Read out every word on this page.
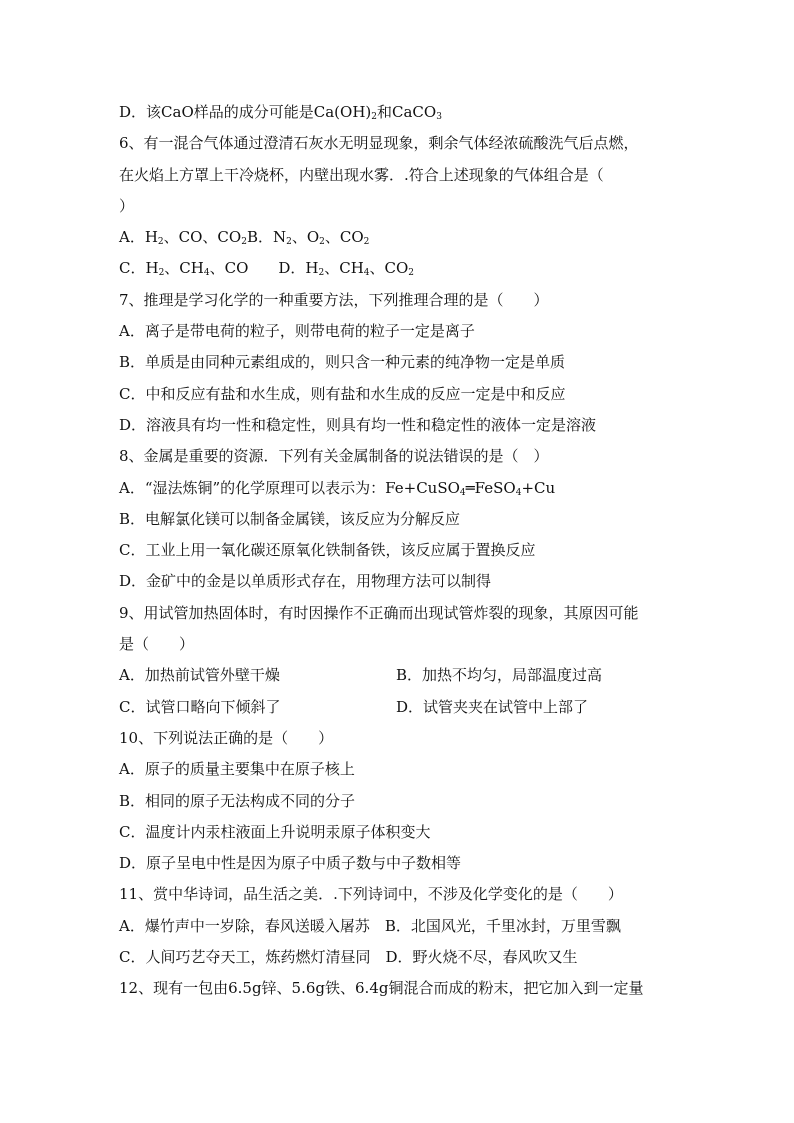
D．该CaO样品的成分可能是$Ca(OH)_2$和CaCO$_3$
6、有一混合气体通过澄清石灰水无明显现象，剩余气体经浓硫酸洗气后点燃，
在火焰上方罩上干冷烧杯，内壁出现水雾．.符合上述现象的气体组合是（
）
A．$H_2$、CO、$CO_2B$．$N_2$、$O_2$、$CO_2$
C．$H_2$、$CH_4$、CO　　D．$H_2$、$CH_4$、$CO_2$
7、推理是学习化学的一种重要方法，下列推理合理的是（　　）
A．离子是带电荷的粒子，则带电荷的粒子一定是离子
B．单质是由同种元素组成的，则只含一种元素的纯净物一定是单质
C．中和反应有盐和水生成，则有盐和水生成的反应一定是中和反应
D．溶液具有均一性和稳定性，则具有均一性和稳定性的液体一定是溶液
8、金属是重要的资源．下列有关金属制备的说法错误的是（　）
A．“湿法炼铜”的化学原理可以表示为：Fe+CuSO$_4$═FeSO$_4$+Cu
B．电解氯化镁可以制备金属镁，该反应为分解反应
C．工业上用一氧化碳还原氧化铁制备铁，该反应属于置换反应
D．金矿中的金是以单质形式存在，用物理方法可以制得
9、用试管加热固体时，有时因操作不正确而出现试管炸裂的现象，其原因可能
是（　　）
A．加热前试管外壁干燥	B．加热不均匀，局部温度过高
C．试管口略向下倾斜了	D．试管夹夹在试管中上部了
10、下列说法正确的是（　　）
A．原子的质量主要集中在原子核上
B．相同的原子无法构成不同的分子
C．温度计内汞柱液面上升说明汞原子体积变大
D．原子呈电中性是因为原子中质子数与中子数相等
11、赏中华诗词，品生活之美．.下列诗词中，不涉及化学变化的是（　　）
A．爆竹声中一岁除，春风送暖入屠苏　B．北国风光，千里冰封，万里雪飘
C．人间巧艺夺天工，炼药燃灯清昼同　D．野火烧不尽，春风吹又生
12、现有一包由6.5g锌、5.6g铁、6.4g铜混合而成的粉末，把它加入到一定量
